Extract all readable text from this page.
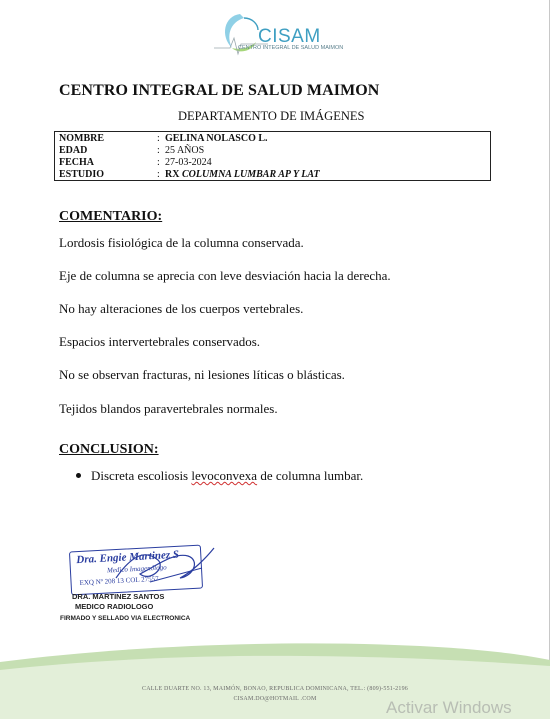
CISAM
CENTRO INTEGRAL DE SALUD MAIMON
CENTRO INTEGRAL DE SALUD MAIMON
DEPARTAMENTO DE IMÁGENES
NOMBRE	: GELINA NOLASCO L.
EDAD	: 25 AÑOS
FECHA	: 27-03-2024
ESTUDIO	: RX COLUMNA LUMBAR AP Y LAT
COMENTARIO:
Lordosis fisiológica de la columna conservada.
Eje de columna se aprecia con leve desviación hacia la derecha.
No hay alteraciones de los cuerpos vertebrales.
Espacios intervertebrales conservados.
No se observan fracturas, ni lesiones líticas o blásticas.
Tejidos blandos paravertebrales normales.
CONCLUSION:
Discreta escoliosis levoconvexa de columna lumbar.
Dra. Engie Martinez S
Medico Imagenólogo
EXQ Nº 208 13 COL 27557
DRA. MARTINEZ SANTOS
MEDICO RADIOLOGO
FIRMADO Y SELLADO VIA ELECTRONICA
CALLE DUARTE NO. 13, MAIMÓN, BONAO, REPUBLICA DOMINICANA, TEL.: (809)-551-2196
CISAM.DO@HOTMAIL .COM	Activar Windows
